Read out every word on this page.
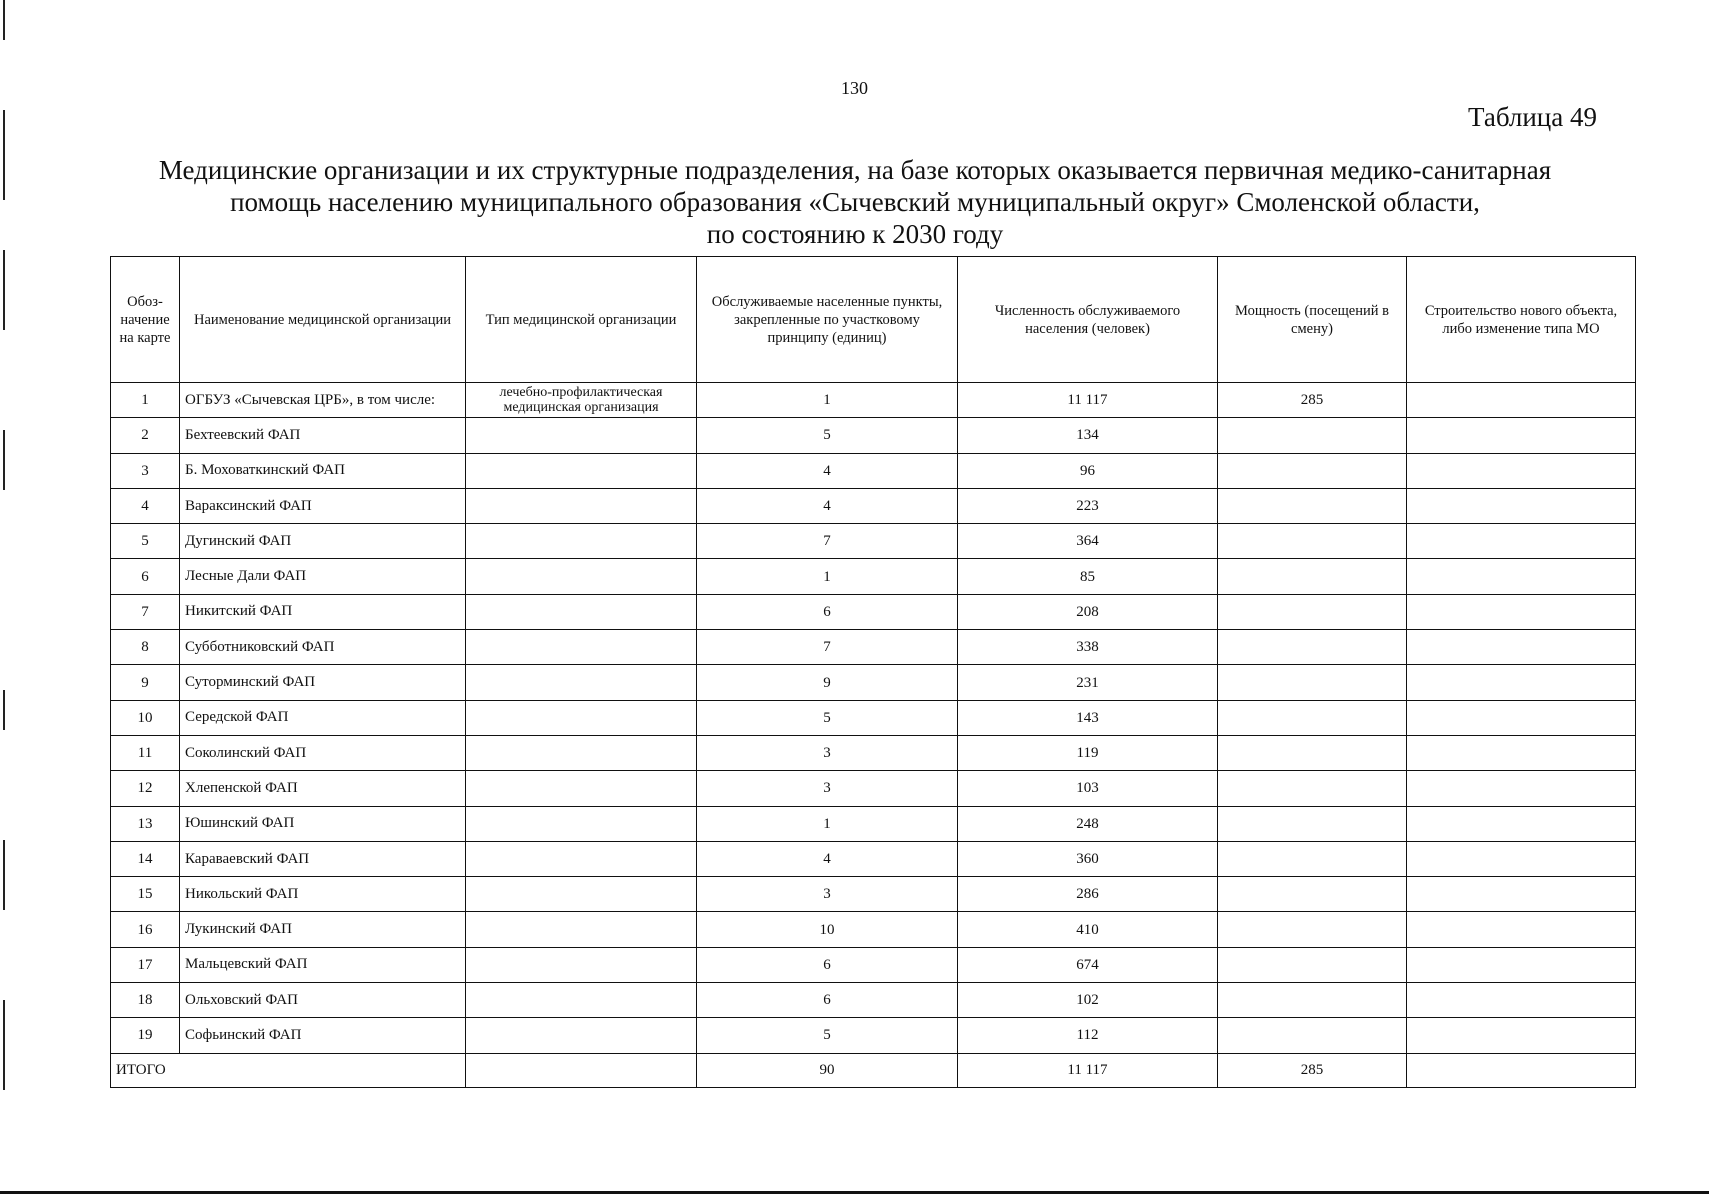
130
Таблица 49
Медицинские организации и их структурные подразделения, на базе которых оказывается первичная медико-санитарная
помощь населению муниципального образования «Сычевский муниципальный округ» Смоленской области,
по состоянию к 2030 году
Обоз-начение на карте	Наименование медицинской организации	Тип медицинской организации	Обслуживаемые населенные пункты, закрепленные по участковому принципу (единиц)	Численность обслуживаемого населения (человек)	Мощность (посещений в смену)	Строительство нового объекта, либо изменение типа МО
1	ОГБУЗ «Сычевская ЦРБ», в том числе:	лечебно-профилактическая медицинская организация	1	11 117	285	
2	Бехтеевский ФАП		5	134		
3	Б. Моховаткинский ФАП		4	96		
4	Вараксинский ФАП		4	223		
5	Дугинский ФАП		7	364		
6	Лесные Дали ФАП		1	85		
7	Никитский ФАП		6	208		
8	Субботниковский ФАП		7	338		
9	Суторминский ФАП		9	231		
10	Середской ФАП		5	143		
11	Соколинский ФАП		3	119		
12	Хлепенской ФАП		3	103		
13	Юшинский ФАП		1	248		
14	Караваевский ФАП		4	360		
15	Никольский ФАП		3	286		
16	Лукинский ФАП		10	410		
17	Мальцевский ФАП		6	674		
18	Ольховский ФАП		6	102		
19	Софьинский ФАП		5	112		
ИТОГО			90	11 117	285	
